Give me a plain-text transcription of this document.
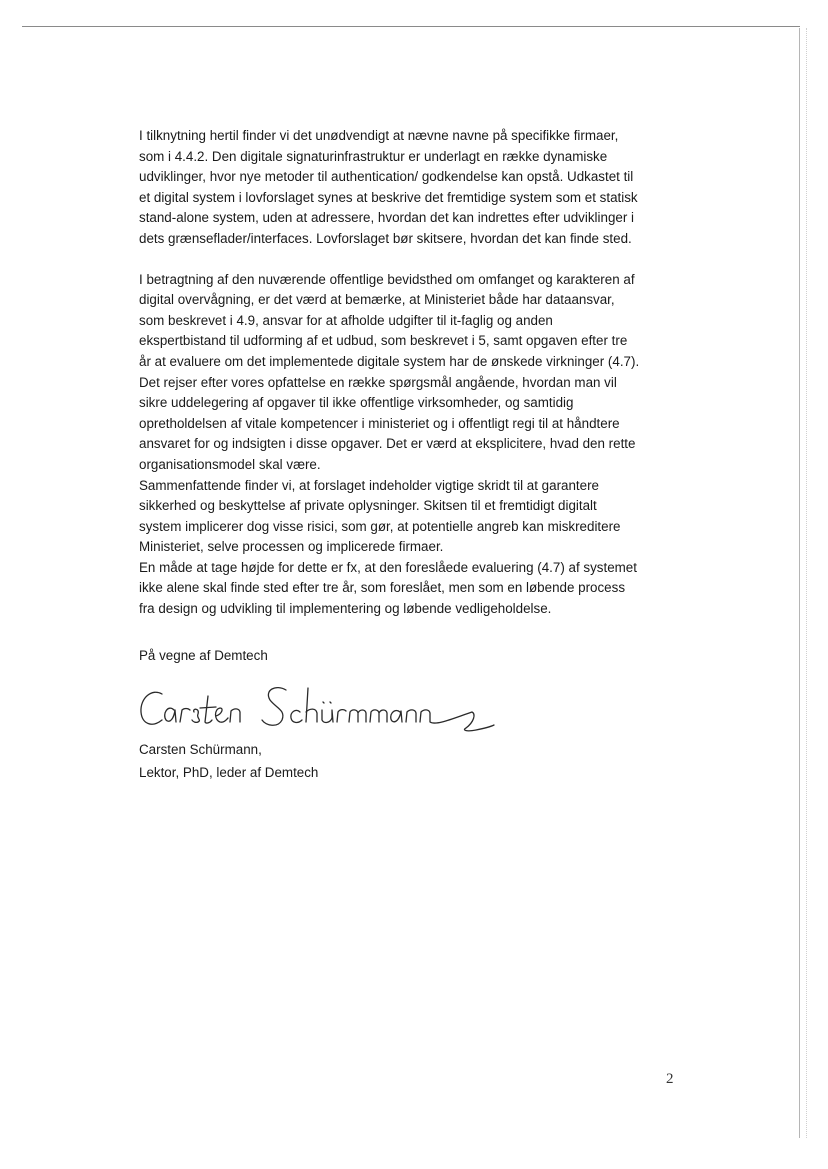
I tilknytning hertil finder vi det unødvendigt at nævne navne på specifikke firmaer,
som i 4.4.2. Den digitale signaturinfrastruktur er underlagt en række dynamiske
udviklinger, hvor nye metoder til authentication/ godkendelse kan opstå. Udkastet til
et digital system i lovforslaget synes at beskrive det fremtidige system som et statisk
stand-alone system, uden at adressere, hvordan det kan indrettes efter udviklinger i
dets grænseflader/interfaces. Lovforslaget bør skitsere, hvordan det kan finde sted.

I betragtning af den nuværende offentlige bevidsthed om omfanget og karakteren af
digital overvågning, er det værd at bemærke, at Ministeriet både har dataansvar,
som beskrevet i 4.9, ansvar for at afholde udgifter til it-faglig og anden
ekspertbistand til udforming af et udbud, som beskrevet i 5, samt opgaven efter tre
år at evaluere om det implementede digitale system har de ønskede virkninger (4.7).

Det rejser efter vores opfattelse en række spørgsmål angående, hvordan man vil
sikre uddelegering af opgaver til ikke offentlige virksomheder, og samtidig
opretholdelsen af vitale kompetencer i ministeriet og i offentligt regi til at håndtere
ansvaret for og indsigten i disse opgaver. Det er værd at eksplicitere, hvad den rette
organisationsmodel skal være.

Sammenfattende finder vi, at forslaget indeholder vigtige skridt til at garantere
sikkerhed og beskyttelse af private oplysninger. Skitsen til et fremtidigt digitalt
system implicerer dog visse risici, som gør, at potentielle angreb kan miskreditere
Ministeriet, selve processen og implicerede firmaer.

En måde at tage højde for dette er fx, at den foreslåede evaluering (4.7) af systemet
ikke alene skal finde sted efter tre år, som foreslået, men som en løbende process
fra design og udvikling til implementering og løbende vedligeholdelse.

På vegne af Demtech

Carsten Schürmann,

Lektor, PhD, leder af Demtech

2
